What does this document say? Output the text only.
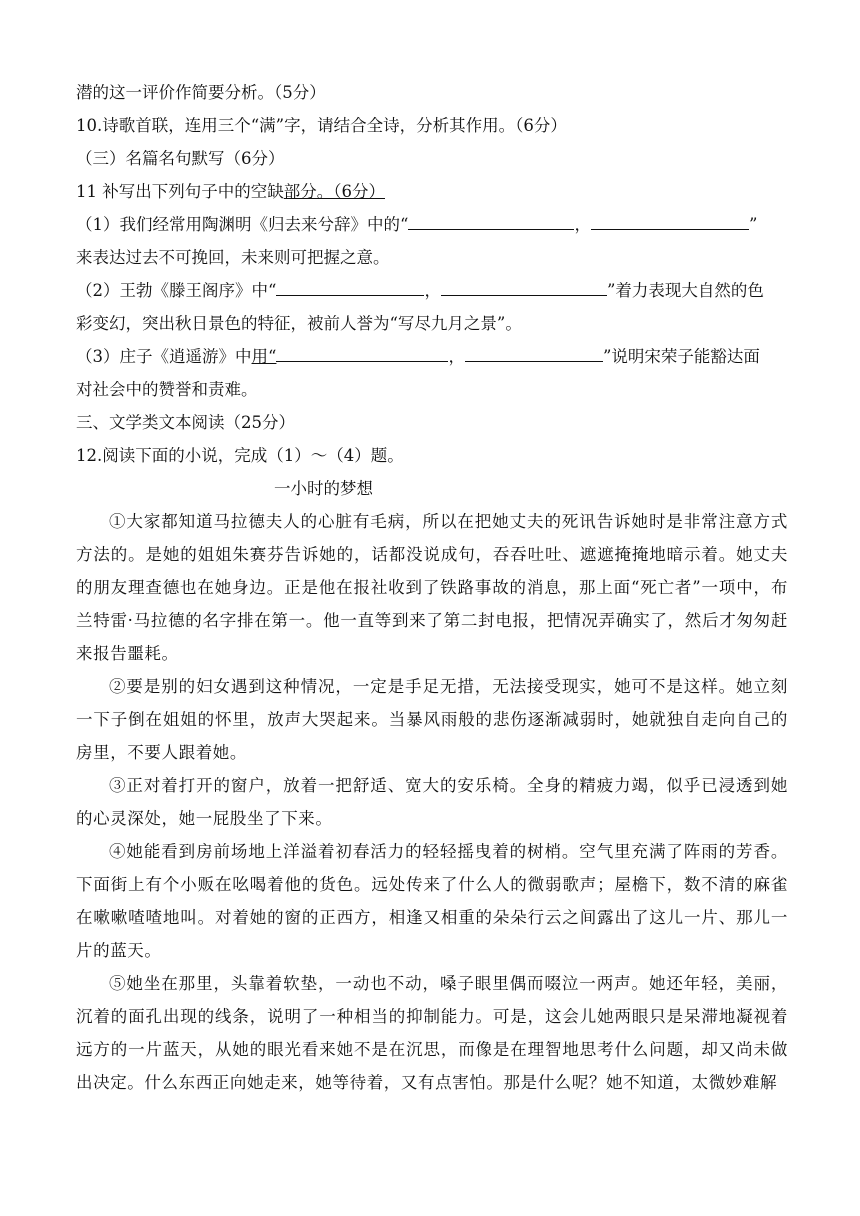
潜的这一评价作简要分析。（5分）
10.诗歌首联，连用三个“满”字，请结合全诗，分析其作用。（6分）
（三）名篇名句默写（6分）
11 补写出下列句子中的空缺部分。（6分）
（1）我们经常用陶渊明《归去来兮辞》中的“	，	”
来表达过去不可挽回，未来则可把握之意。
（2）王勃《滕王阁序》中“	，	”着力表现大自然的色
彩变幻，突出秋日景色的特征，被前人誉为“写尽九月之景”。
（3）庄子《逍遥游》中用“	，	”说明宋荣子能豁达面
对社会中的赞誉和责难。
三、文学类文本阅读（25分）
12.阅读下面的小说，完成（1）～（4）题。
一小时的梦想

①大家都知道马拉德夫人的心脏有毛病，所以在把她丈夫的死讯告诉她时是非常注意方式方法的。是她的姐姐朱赛芬告诉她的，话都没说成句，吞吞吐吐、遮遮掩掩地暗示着。她丈夫的朋友理查德也在她身边。正是他在报社收到了铁路事故的消息，那上面“死亡者”一项中，布兰特雷·马拉德的名字排在第一。他一直等到来了第二封电报，把情况弄确实了，然后才匆匆赶来报告噩耗。

②要是别的妇女遇到这种情况，一定是手足无措，无法接受现实，她可不是这样。她立刻一下子倒在姐姐的怀里，放声大哭起来。当暴风雨般的悲伤逐渐减弱时，她就独自走向自己的房里，不要人跟着她。

③正对着打开的窗户，放着一把舒适、宽大的安乐椅。全身的精疲力竭，似乎已浸透到她的心灵深处，她一屁股坐了下来。

④她能看到房前场地上洋溢着初春活力的轻轻摇曳着的树梢。空气里充满了阵雨的芳香。下面街上有个小贩在吆喝着他的货色。远处传来了什么人的微弱歌声；屋檐下，数不清的麻雀在嗽嗽喳喳地叫。对着她的窗的正西方，相逢又相重的朵朵行云之间露出了这儿一片、那儿一片的蓝天。

⑤她坐在那里，头靠着软垫，一动也不动，嗓子眼里偶而啜泣一两声。她还年轻，美丽，沉着的面孔出现的线条，说明了一种相当的抑制能力。可是，这会儿她两眼只是呆滞地凝视着远方的一片蓝天，从她的眼光看来她不是在沉思，而像是在理智地思考什么问题，却又尚未做出决定。什么东西正向她走来，她等待着，又有点害怕。那是什么呢？她不知道，太微妙难解
